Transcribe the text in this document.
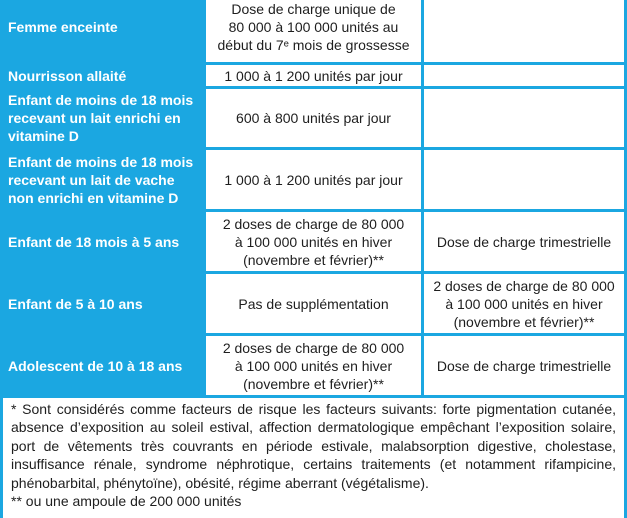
Femme enceinte	Dose de charge unique de
80 000 à 100 000 unités au
début du 7ᵉ mois de grossesse	

Nourrisson allaité	1 000 à 1 200 unités par jour	

Enfant de moins de 18 mois recevant un lait enrichi en vitamine D	600 à 800 unités par jour	

Enfant de moins de 18 mois recevant un lait de vache non enrichi en vitamine D	1 000 à 1 200 unités par jour	

Enfant de 18 mois à 5 ans	2 doses de charge de 80 000
à 100 000 unités en hiver
(novembre et février)**	Dose de charge trimestrielle

Enfant de 5 à 10 ans	Pas de supplémentation	2 doses de charge de 80 000
à 100 000 unités en hiver
(novembre et février)**

Adolescent de 10 à 18 ans	2 doses de charge de 80 000
à 100 000 unités en hiver
(novembre et février)**	Dose de charge trimestrielle

* Sont considérés comme facteurs de risque les facteurs suivants: forte pigmentation cutanée, absence d’exposition au soleil estival, affection dermatologique empêchant l’exposition solaire, port de vêtements très couvrants en période estivale, malabsorption digestive, cholestase, insuffisance rénale, syndrome néphrotique, certains traitements (et notamment rifampicine, phénobarbital, phénytoïne), obésité, régime aberrant (végétalisme).

** ou une ampoule de 200 000 unités
